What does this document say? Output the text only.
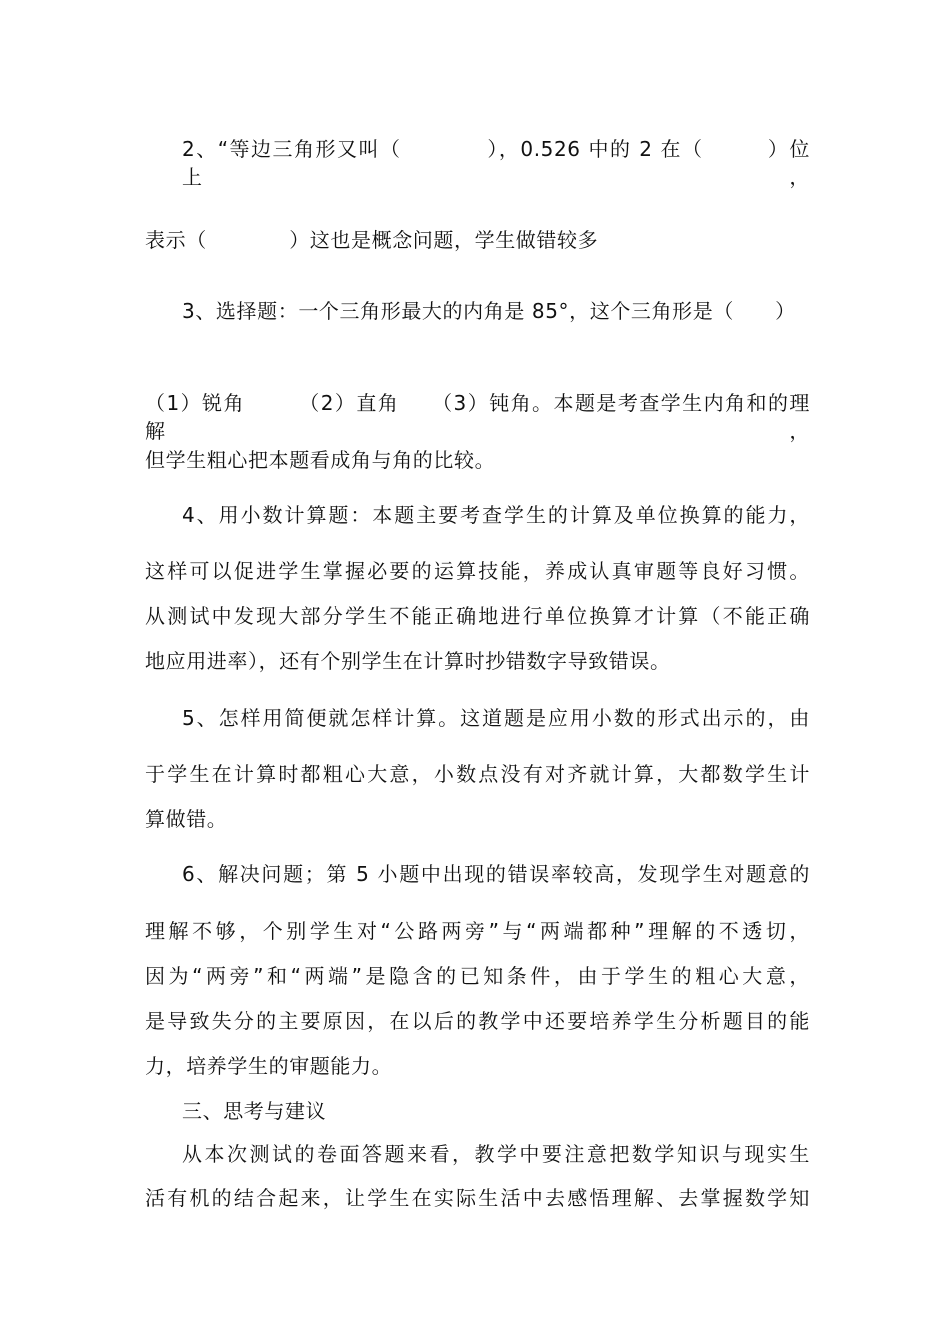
2、“等边三角形又叫（　　　　），0.526 中的 2 在（　　　）位上，
表示（　　　　）这也是概念问题，学生做错较多
3、选择题：一个三角形最大的内角是 85°，这个三角形是（　　）
（1）锐角　　　（2）直角　　（3）钝角。本题是考查学生内角和的理解，
但学生粗心把本题看成角与角的比较。
4、用小数计算题：本题主要考查学生的计算及单位换算的能力，
这样可以促进学生掌握必要的运算技能，养成认真审题等良好习惯。
从测试中发现大部分学生不能正确地进行单位换算才计算（不能正确
地应用进率），还有个别学生在计算时抄错数字导致错误。
5、怎样用简便就怎样计算。这道题是应用小数的形式出示的，由
于学生在计算时都粗心大意，小数点没有对齐就计算，大都数学生计
算做错。
6、解决问题；第 5 小题中出现的错误率较高，发现学生对题意的
理解不够，个别学生对“公路两旁”与“两端都种”理解的不透切，
因为“两旁”和“两端”是隐含的已知条件，由于学生的粗心大意，
是导致失分的主要原因，在以后的教学中还要培养学生分析题目的能
力，培养学生的审题能力。
三、思考与建议
从本次测试的卷面答题来看，教学中要注意把数学知识与现实生
活有机的结合起来，让学生在实际生活中去感悟理解、去掌握数学知
